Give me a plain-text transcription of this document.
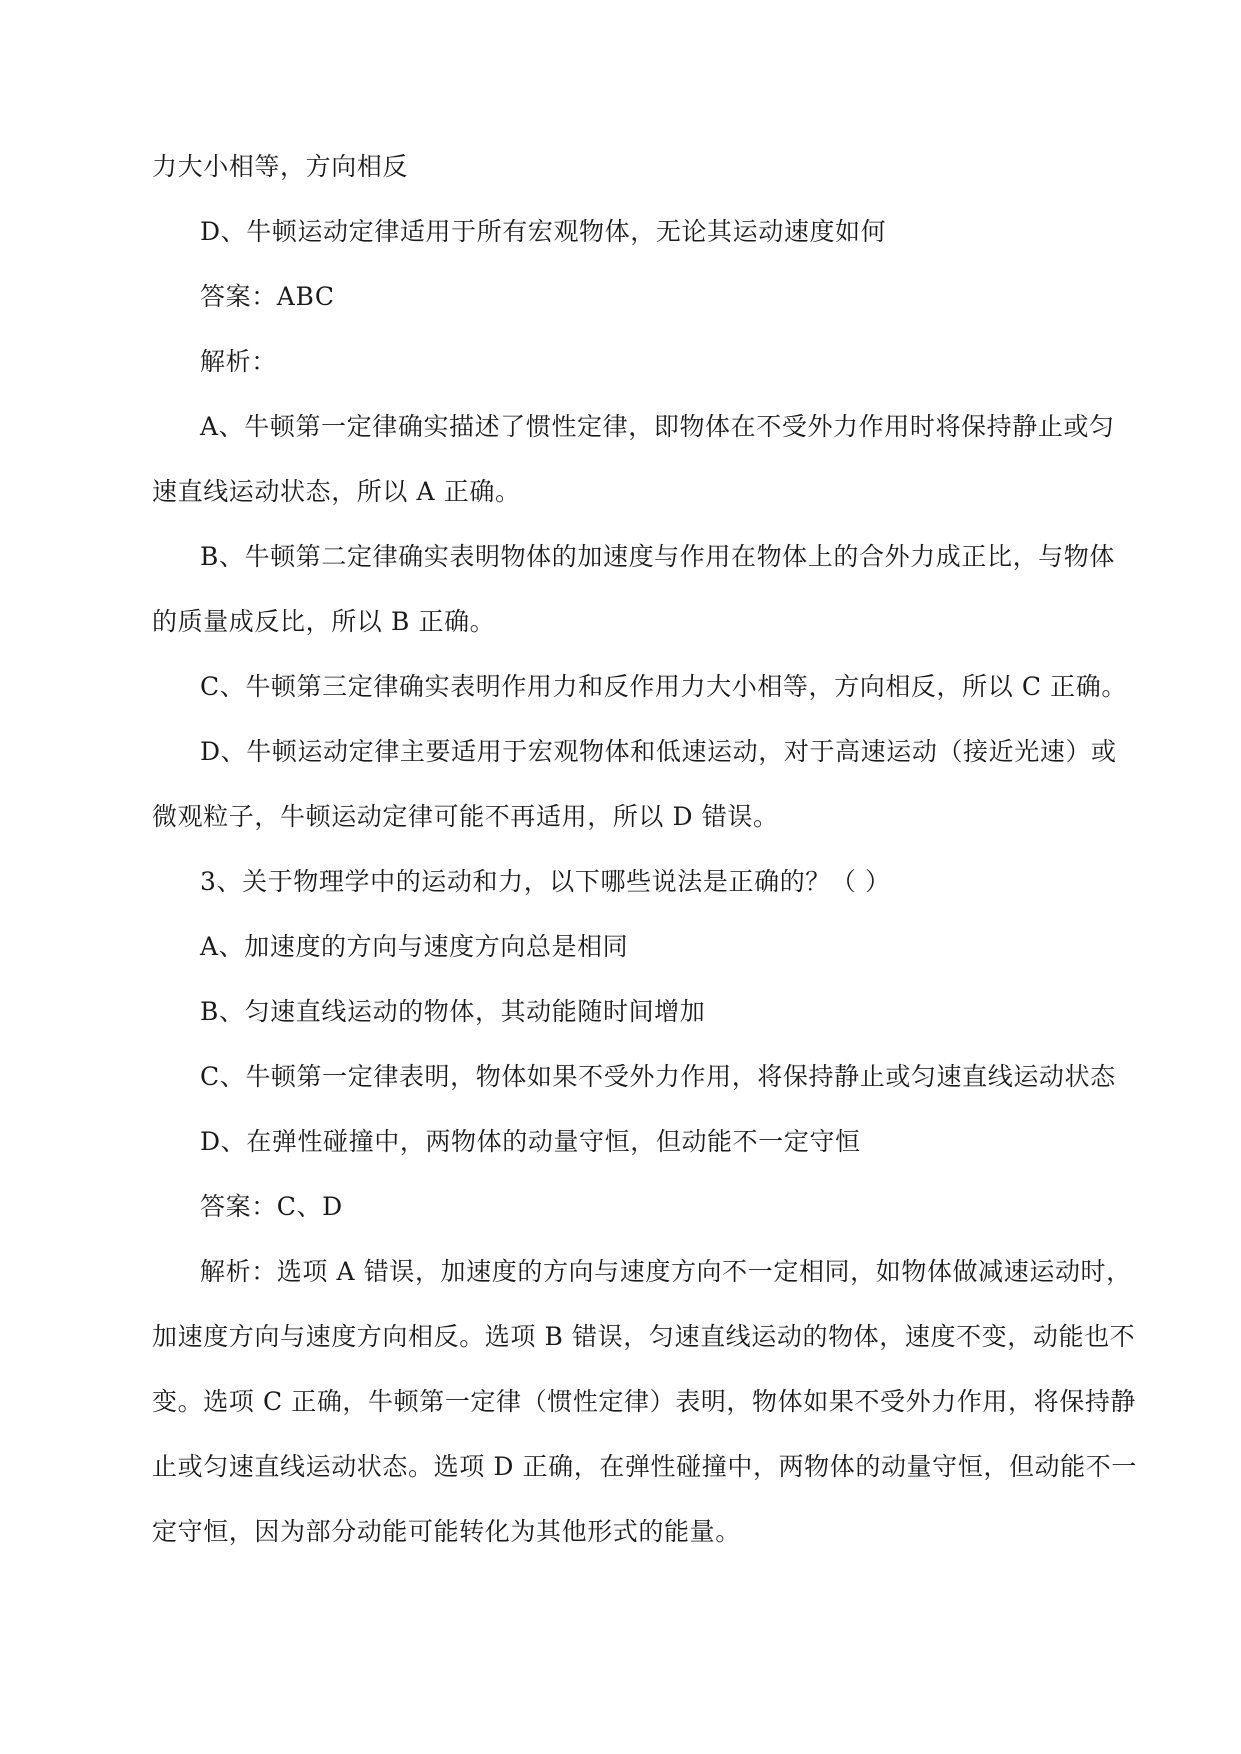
力大小相等，方向相反
D、牛顿运动定律适用于所有宏观物体，无论其运动速度如何
答案：ABC
解析：
A、牛顿第一定律确实描述了惯性定律，即物体在不受外力作用时将保持静止或匀
速直线运动状态，所以 A 正确。
B、牛顿第二定律确实表明物体的加速度与作用在物体上的合外力成正比，与物体
的质量成反比，所以 B 正确。
C、牛顿第三定律确实表明作用力和反作用力大小相等，方向相反，所以 C 正确。
D、牛顿运动定律主要适用于宏观物体和低速运动，对于高速运动（接近光速）或
微观粒子，牛顿运动定律可能不再适用，所以 D 错误。
3、关于物理学中的运动和力，以下哪些说法是正确的？（ ）
A、加速度的方向与速度方向总是相同
B、匀速直线运动的物体，其动能随时间增加
C、牛顿第一定律表明，物体如果不受外力作用，将保持静止或匀速直线运动状态
D、在弹性碰撞中，两物体的动量守恒，但动能不一定守恒
答案：C、D
解析：选项 A 错误，加速度的方向与速度方向不一定相同，如物体做减速运动时，
加速度方向与速度方向相反。选项 B 错误，匀速直线运动的物体，速度不变，动能也不
变。选项 C 正确，牛顿第一定律（惯性定律）表明，物体如果不受外力作用，将保持静
止或匀速直线运动状态。选项 D 正确，在弹性碰撞中，两物体的动量守恒，但动能不一
定守恒，因为部分动能可能转化为其他形式的能量。
